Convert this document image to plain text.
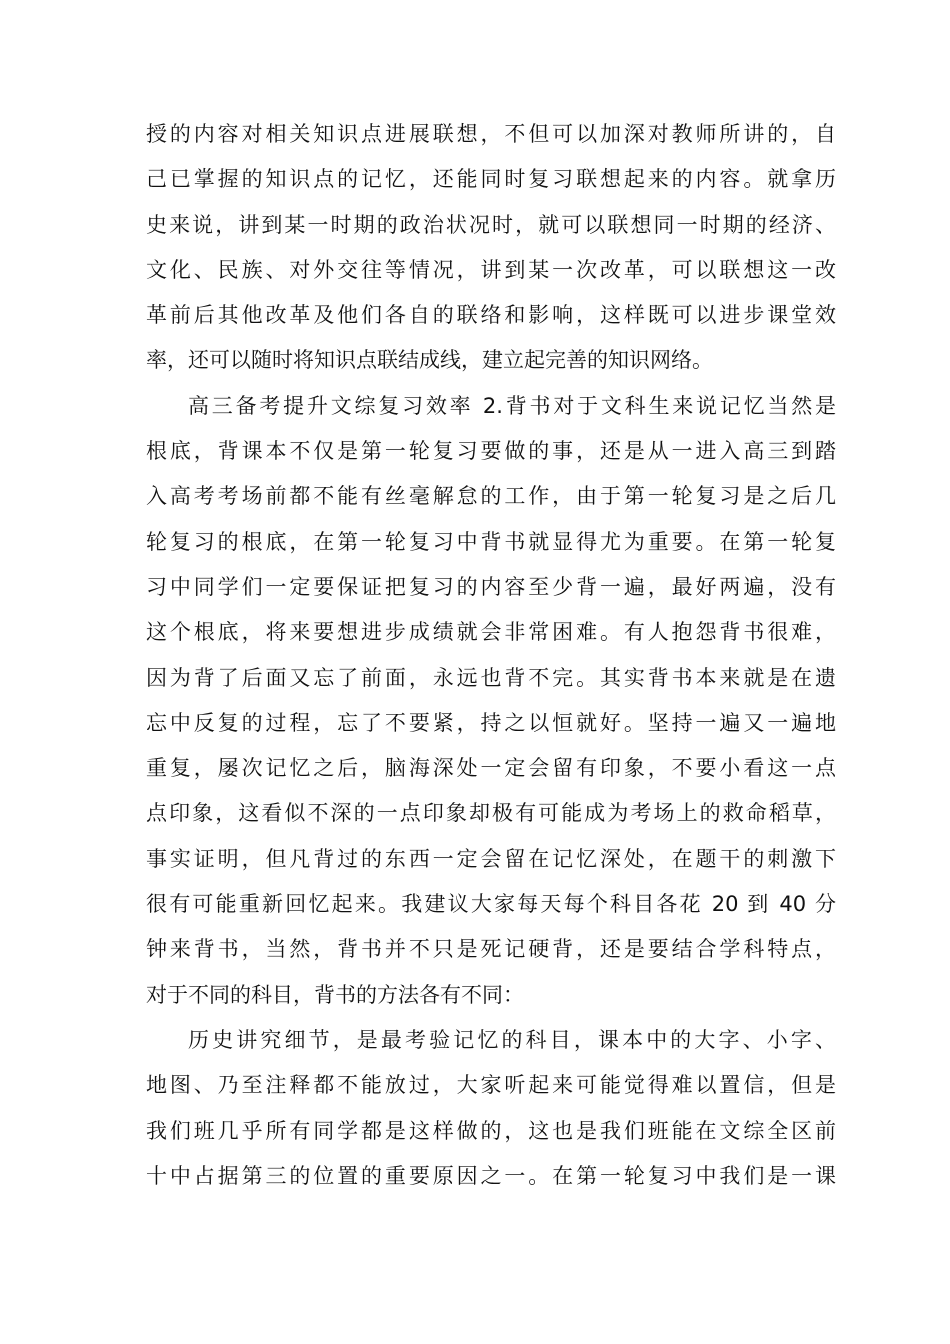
授的内容对相关知识点进展联想，不但可以加深对教师所讲的，自
己已掌握的知识点的记忆，还能同时复习联想起来的内容。就拿历
史来说，讲到某一时期的政治状况时，就可以联想同一时期的经济、
文化、民族、对外交往等情况，讲到某一次改革，可以联想这一改
革前后其他改革及他们各自的联络和影响，这样既可以进步课堂效
率，还可以随时将知识点联结成线，建立起完善的知识网络。
高三备考提升文综复习效率 2.背书对于文科生来说记忆当然是
根底，背课本不仅是第一轮复习要做的事，还是从一进入高三到踏
入高考考场前都不能有丝毫解怠的工作，由于第一轮复习是之后几
轮复习的根底，在第一轮复习中背书就显得尤为重要。在第一轮复
习中同学们一定要保证把复习的内容至少背一遍，最好两遍，没有
这个根底，将来要想进步成绩就会非常困难。有人抱怨背书很难，
因为背了后面又忘了前面，永远也背不完。其实背书本来就是在遗
忘中反复的过程，忘了不要紧，持之以恒就好。坚持一遍又一遍地
重复，屡次记忆之后，脑海深处一定会留有印象，不要小看这一点
点印象，这看似不深的一点印象却极有可能成为考场上的救命稻草，
事实证明，但凡背过的东西一定会留在记忆深处，在题干的刺激下
很有可能重新回忆起来。我建议大家每天每个科目各花 20 到 40 分
钟来背书，当然，背书并不只是死记硬背，还是要结合学科特点，
对于不同的科目，背书的方法各有不同：
历史讲究细节，是最考验记忆的科目，课本中的大字、小字、
地图、乃至注释都不能放过，大家听起来可能觉得难以置信，但是
我们班几乎所有同学都是这样做的，这也是我们班能在文综全区前
十中占据第三的位置的重要原因之一。在第一轮复习中我们是一课
